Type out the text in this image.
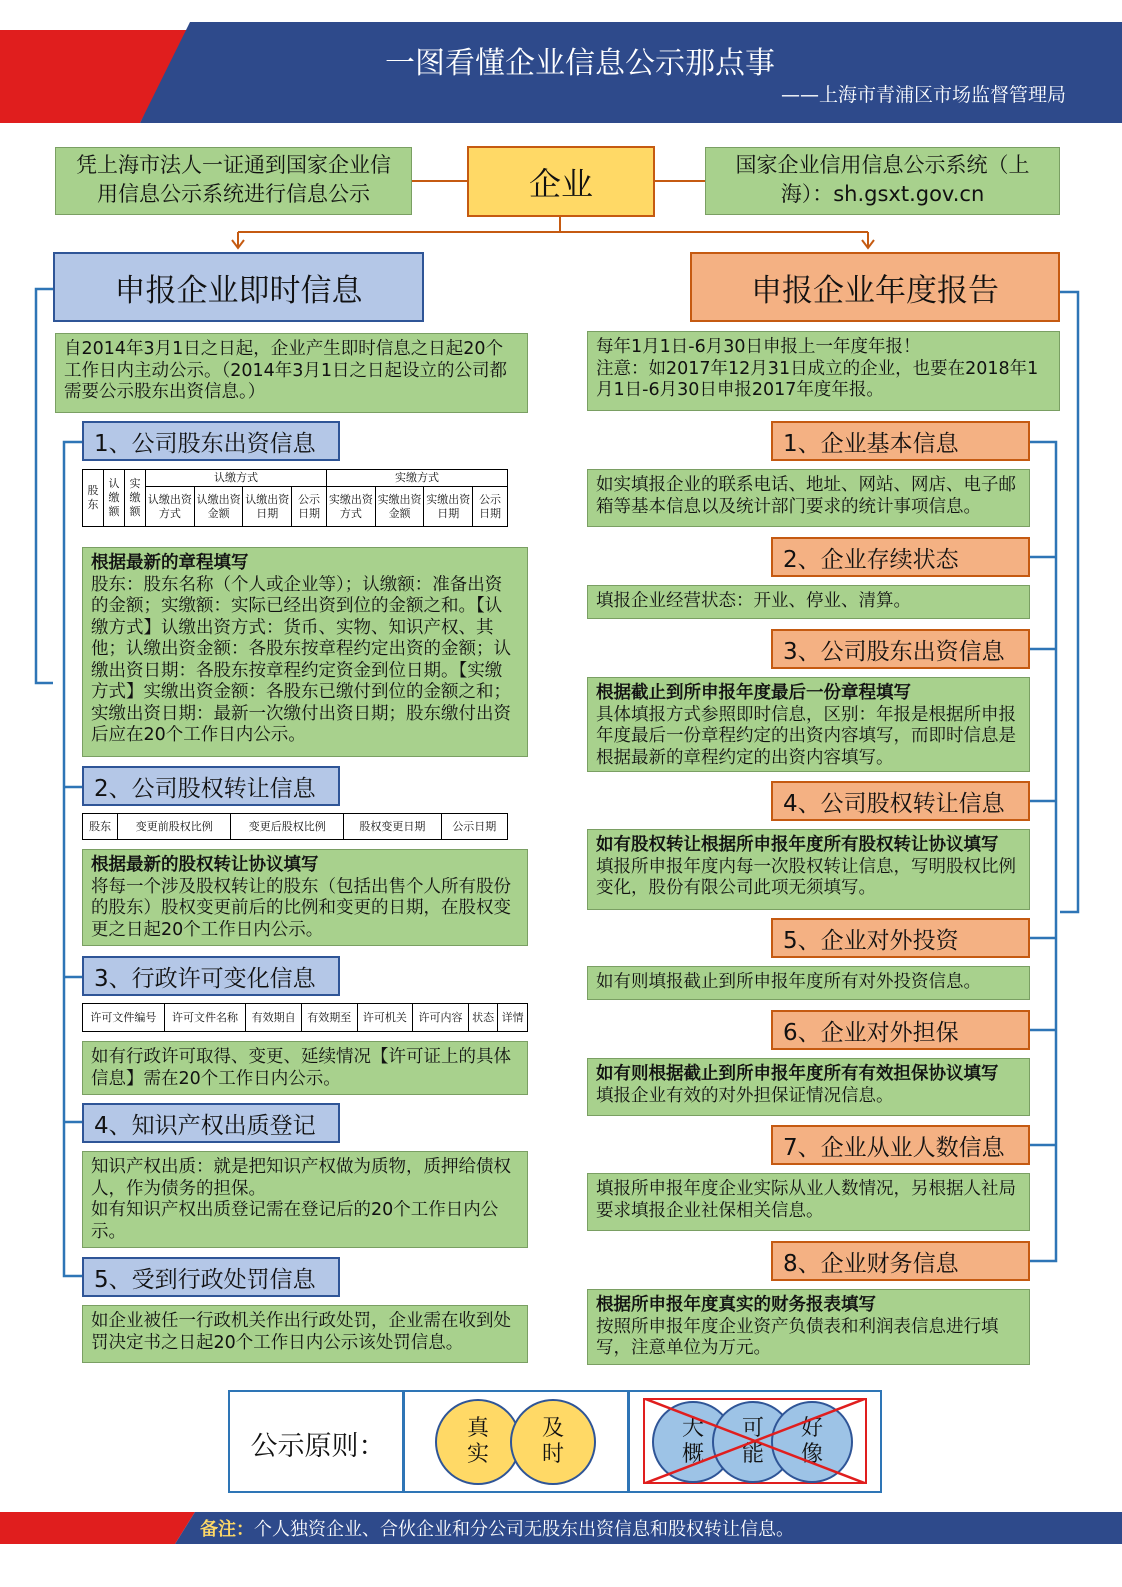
一图看懂企业信息公示那点事
——上海市青浦区市场监督管理局
凭上海市法人一证通到国家企业信用信息公示系统进行信息公示	企业	国家企业信用信息公示系统（上海）：sh.gsxt.gov.cn
申报企业即时信息
自2014年3月1日之日起，企业产生即时信息之日起20个工作日内主动公示。（2014年3月1日之日起设立的公司都需要公示股东出资信息。）
1、公司股东出资信息
股东	认缴额	实缴额	认缴方式				实缴方式			
			认缴出资方式	认缴出资金额	认缴出资日期	公示日期	实缴出资方式	实缴出资金额	实缴出资日期	公示日期
根据最新的章程填写
股东：股东名称（个人或企业等）；认缴额：准备出资的金额；实缴额：实际已经出资到位的金额之和。【认缴方式】认缴出资方式：货币、实物、知识产权、其他；认缴出资金额：各股东按章程约定出资的金额；认缴出资日期：各股东按章程约定资金到位日期。【实缴方式】实缴出资金额：各股东已缴付到位的金额之和；实缴出资日期：最新一次缴付出资日期；股东缴付出资后应在20个工作日内公示。
2、公司股权转让信息
股东	变更前股权比例	变更后股权比例	股权变更日期	公示日期
根据最新的股权转让协议填写
将每一个涉及股权转让的股东（包括出售个人所有股份的股东）股权变更前后的比例和变更的日期，在股权变更之日起20个工作日内公示。
3、行政许可变化信息
许可文件编号	许可文件名称	有效期自	有效期至	许可机关	许可内容	状态	详情
如有行政许可取得、变更、延续情况【许可证上的具体信息】需在20个工作日内公示。
4、知识产权出质登记
知识产权出质：就是把知识产权做为质物，质押给债权人，作为债务的担保。
如有知识产权出质登记需在登记后的20个工作日内公示。
5、受到行政处罚信息
如企业被任一行政机关作出行政处罚，企业需在收到处罚决定书之日起20个工作日内公示该处罚信息。
申报企业年度报告
每年1月1日-6月30日申报上一年度年报！
注意：如2017年12月31日成立的企业，也要在2018年1月1日-6月30日申报2017年度年报。
1、企业基本信息
如实填报企业的联系电话、地址、网站、网店、电子邮箱等基本信息以及统计部门要求的统计事项信息。
2、企业存续状态
填报企业经营状态：开业、停业、清算。
3、公司股东出资信息
根据截止到所申报年度最后一份章程填写
具体填报方式参照即时信息，区别：年报是根据所申报年度最后一份章程约定的出资内容填写，而即时信息是根据最新的章程约定的出资内容填写。
4、公司股权转让信息
如有股权转让根据所申报年度所有股权转让协议填写
填报所申报年度内每一次股权转让信息，写明股权比例变化，股份有限公司此项无须填写。
5、企业对外投资
如有则填报截止到所申报年度所有对外投资信息。
6、企业对外担保
如有则根据截止到所申报年度所有有效担保协议填写
填报企业有效的对外担保证情况信息。
7、企业从业人数信息
填报所申报年度企业实际从业人数情况，另根据人社局要求填报企业社保相关信息。
8、企业财务信息
根据所申报年度真实的财务报表填写
按照所申报年度企业资产负债表和利润表信息进行填写，注意单位为万元。
公示原则：
真实
及时
大概
可能
好像
备注：个人独资企业、合伙企业和分公司无股东出资信息和股权转让信息。
